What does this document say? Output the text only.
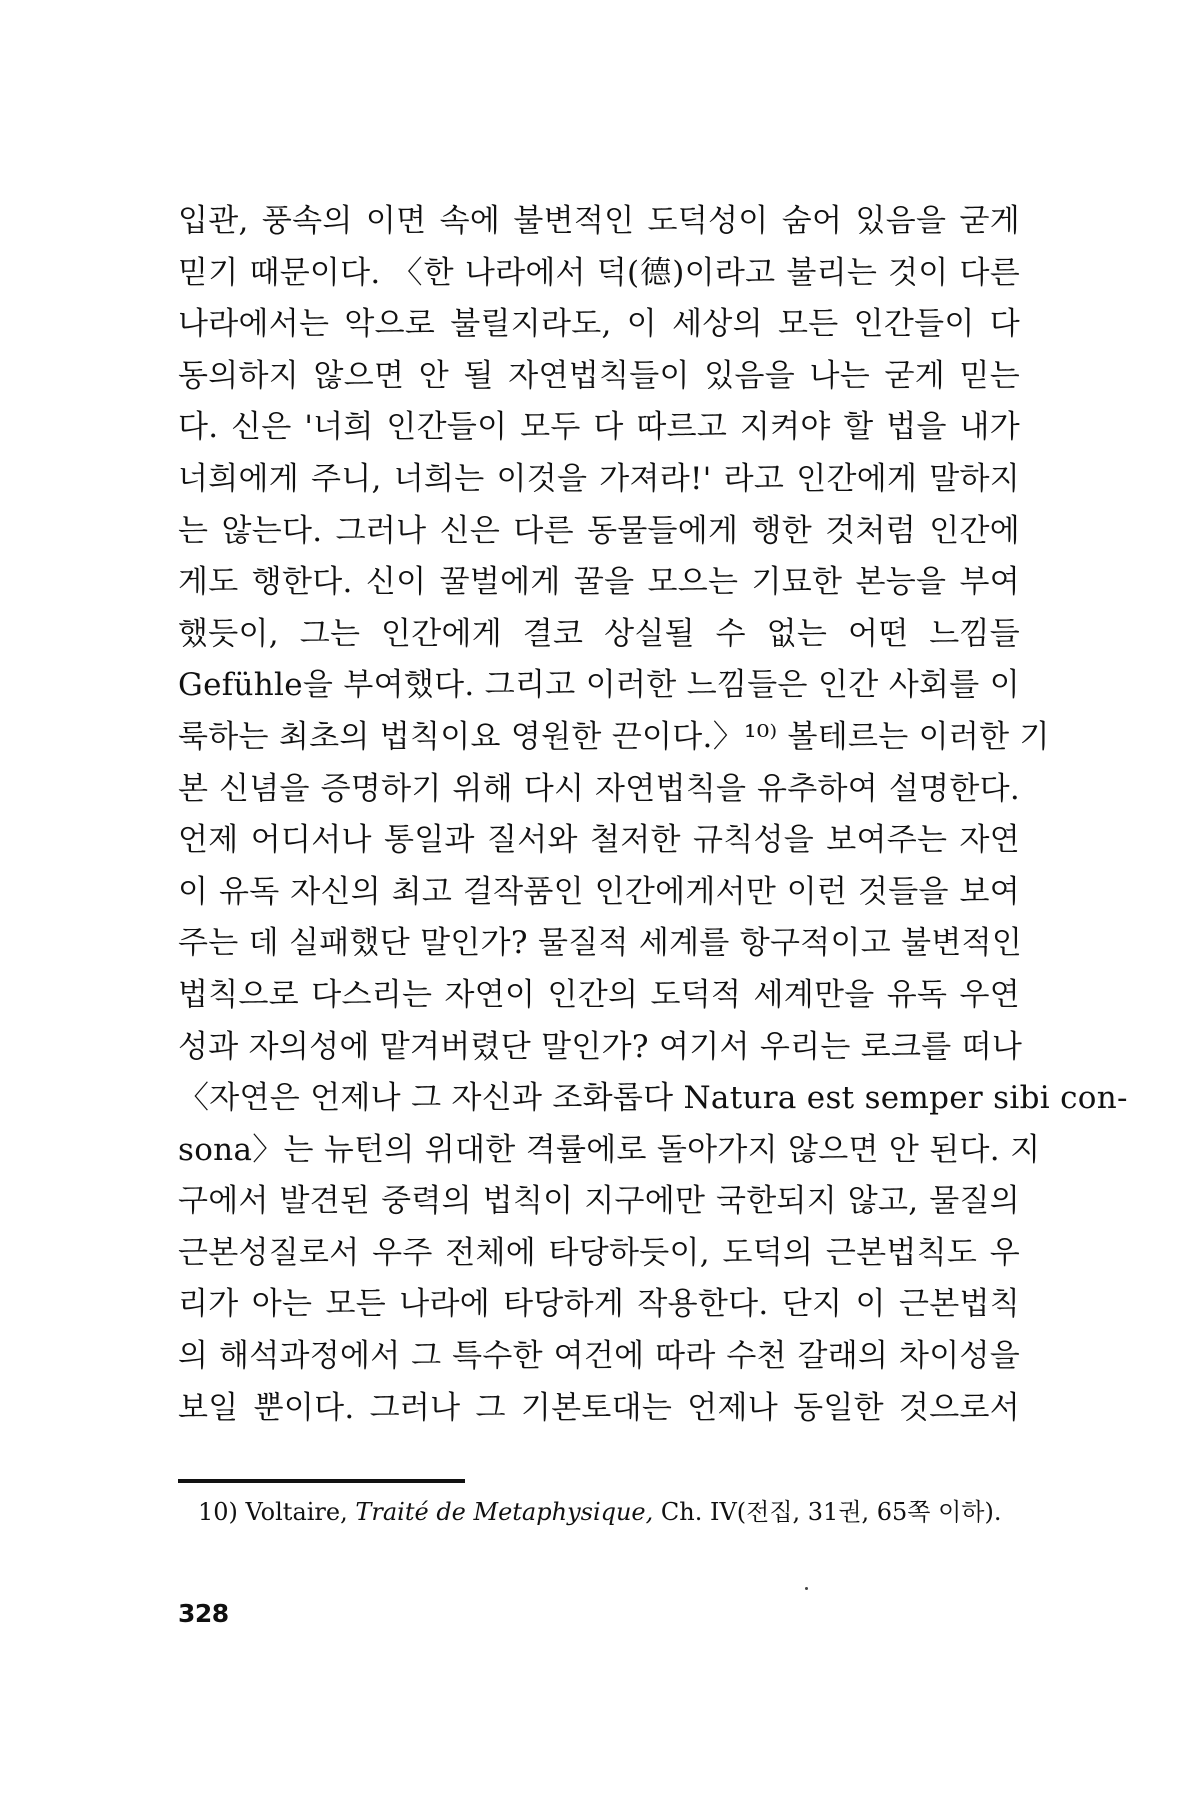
입관, 풍속의 이면 속에 불변적인 도덕성이 숨어 있음을 굳게
믿기 때문이다. 〈한 나라에서 덕(德)이라고 불리는 것이 다른
나라에서는 악으로 불릴지라도, 이 세상의 모든 인간들이 다
동의하지 않으면 안 될 자연법칙들이 있음을 나는 굳게 믿는
다. 신은 '너희 인간들이 모두 다 따르고 지켜야 할 법을 내가
너희에게 주니, 너희는 이것을 가져라!' 라고 인간에게 말하지
는 않는다. 그러나 신은 다른 동물들에게 행한 것처럼 인간에
게도 행한다. 신이 꿀벌에게 꿀을 모으는 기묘한 본능을 부여
했듯이, 그는 인간에게 결코 상실될 수 없는 어떤 느낌들
Gefühle을 부여했다. 그리고 이러한 느낌들은 인간 사회를 이
룩하는 최초의 법칙이요 영원한 끈이다.〉¹⁰⁾ 볼테르는 이러한 기
본 신념을 증명하기 위해 다시 자연법칙을 유추하여 설명한다.
언제 어디서나 통일과 질서와 철저한 규칙성을 보여주는 자연
이 유독 자신의 최고 걸작품인 인간에게서만 이런 것들을 보여
주는 데 실패했단 말인가? 물질적 세계를 항구적이고 불변적인
법칙으로 다스리는 자연이 인간의 도덕적 세계만을 유독 우연
성과 자의성에 맡겨버렸단 말인가? 여기서 우리는 로크를 떠나
〈자연은 언제나 그 자신과 조화롭다 Natura est semper sibi con-
sona〉는 뉴턴의 위대한 격률에로 돌아가지 않으면 안 된다. 지
구에서 발견된 중력의 법칙이 지구에만 국한되지 않고, 물질의
근본성질로서 우주 전체에 타당하듯이, 도덕의 근본법칙도 우
리가 아는 모든 나라에 타당하게 작용한다. 단지 이 근본법칙
의 해석과정에서 그 특수한 여건에 따라 수천 갈래의 차이성을
보일 뿐이다. 그러나 그 기본토대는 언제나 동일한 것으로서
10) Voltaire, Traité de Metaphysique, Ch. IV(전집, 31권, 65쪽 이하).
328
